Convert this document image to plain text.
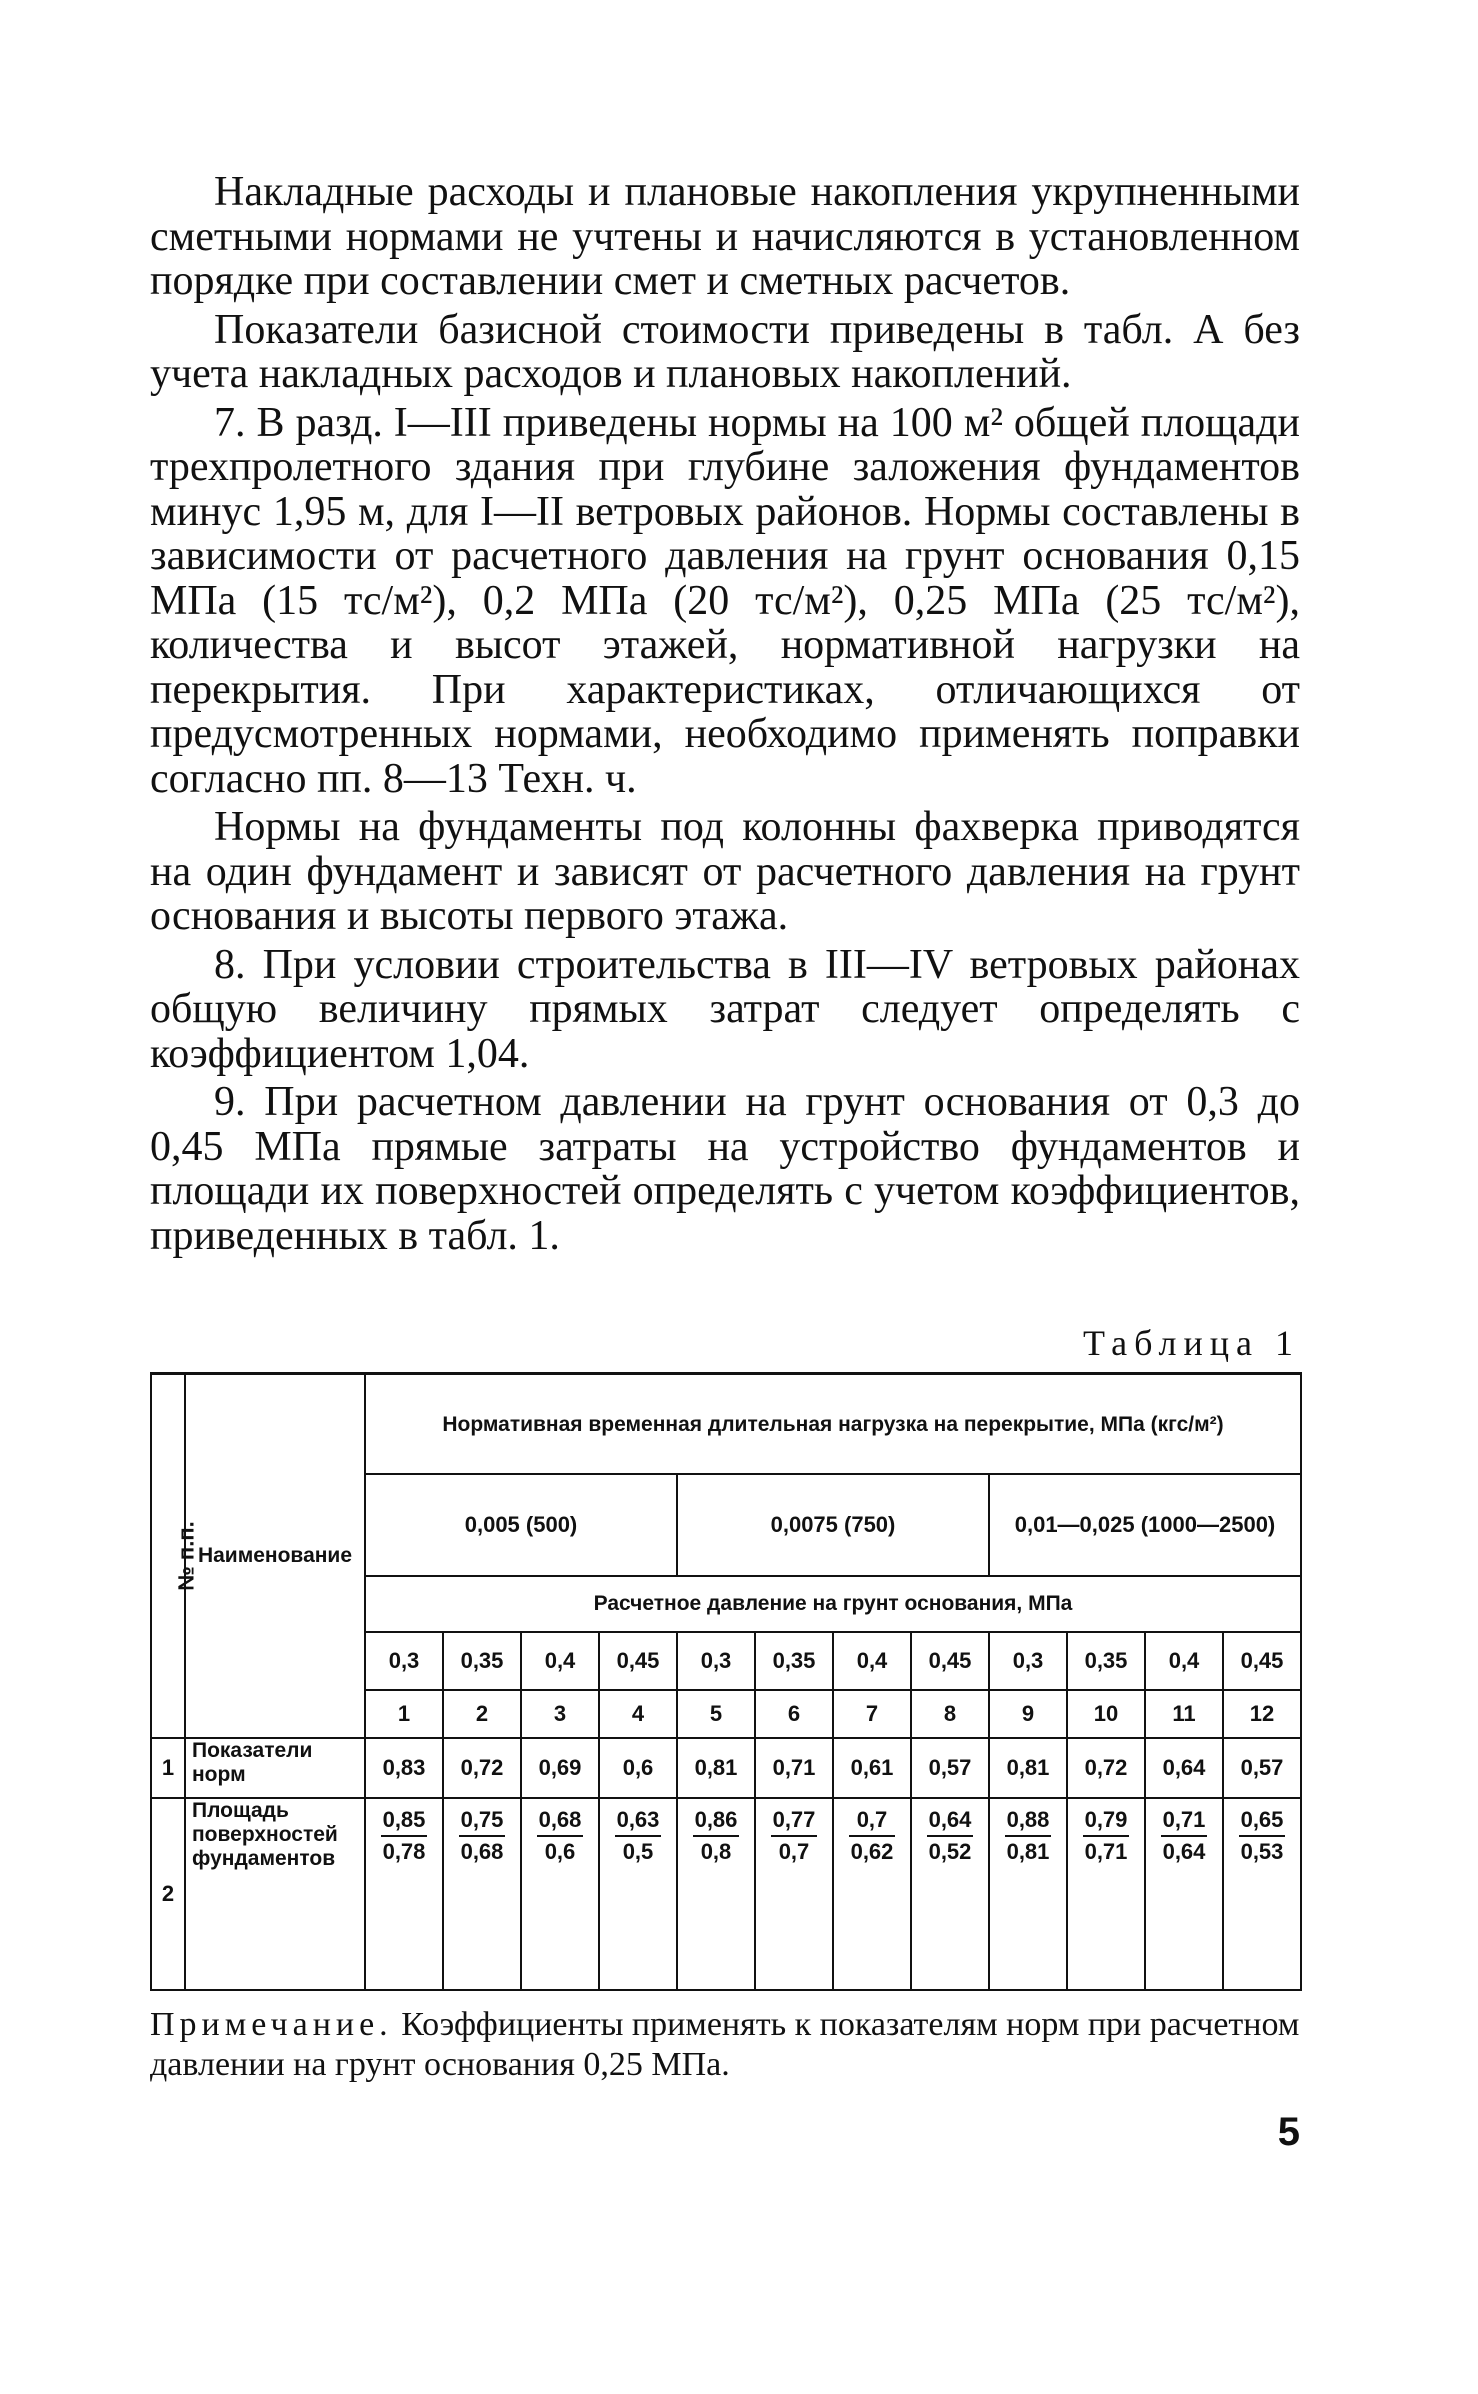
Накладные расходы и плановые накопления укрупненными сметными нормами не учтены и начисляются в установленном порядке при составлении смет и сметных расчетов.

Показатели базисной стоимости приведены в табл. А без учета накладных расходов и плановых накоплений.

7. В разд. I—III приведены нормы на 100 м² общей площади трехпролетного здания при глубине заложения фундаментов минус 1,95 м, для I—II ветровых районов. Нормы составлены в зависимости от расчетного давления на грунт основания 0,15 МПа (15 тс/м²), 0,2 МПа (20 тс/м²), 0,25 МПа (25 тс/м²), количества и высот этажей, нормативной нагрузки на перекрытия. При характеристиках, отличающихся от предусмотренных нормами, необходимо применять поправки согласно пп. 8—13 Техн. ч.

Нормы на фундаменты под колонны фахверка приводятся на один фундамент и зависят от расчетного давления на грунт основания и высоты первого этажа.

8. При условии строительства в III—IV ветровых районах общую величину прямых затрат следует определять с коэффициентом 1,04.

9. При расчетном давлении на грунт основания от 0,3 до 0,45 МПа прямые затраты на устройство фундаментов и площади их поверхностей определять с учетом коэффициентов, приведенных в табл. 1.

Таблица 1
№ п.п.	Наименование	Нормативная временная длительная нагрузка на перекрытие, МПа (кгс/м²)											
		0,005 (500)				0,0075 (750)				0,01—0,025 (1000—2500)			
		Расчетное давление на грунт основания, МПа											
		0,3	0,35	0,4	0,45	0,3	0,35	0,4	0,45	0,3	0,35	0,4	0,45
		1	2	3	4	5	6	7	8	9	10	11	12
1	Показатели норм	0,83	0,72	0,69	0,6	0,81	0,71	0,61	0,57	0,81	0,72	0,64	0,57
2	Площадь поверхностей фундаментов	$\frac{0,85}{0,78}$	$\frac{0,75}{0,68}$	$\frac{0,68}{0,6}$	$\frac{0,63}{0,5}$	$\frac{0,86}{0,8}$	$\frac{0,77}{0,7}$	$\frac{0,7}{0,62}$	$\frac{0,64}{0,52}$	$\frac{0,88}{0,81}$	$\frac{0,79}{0,71}$	$\frac{0,71}{0,64}$	$\frac{0,65}{0,53}$
Примечание. Коэффициенты применять к показателям норм при расчетном давлении на грунт основания 0,25 МПа.
5
